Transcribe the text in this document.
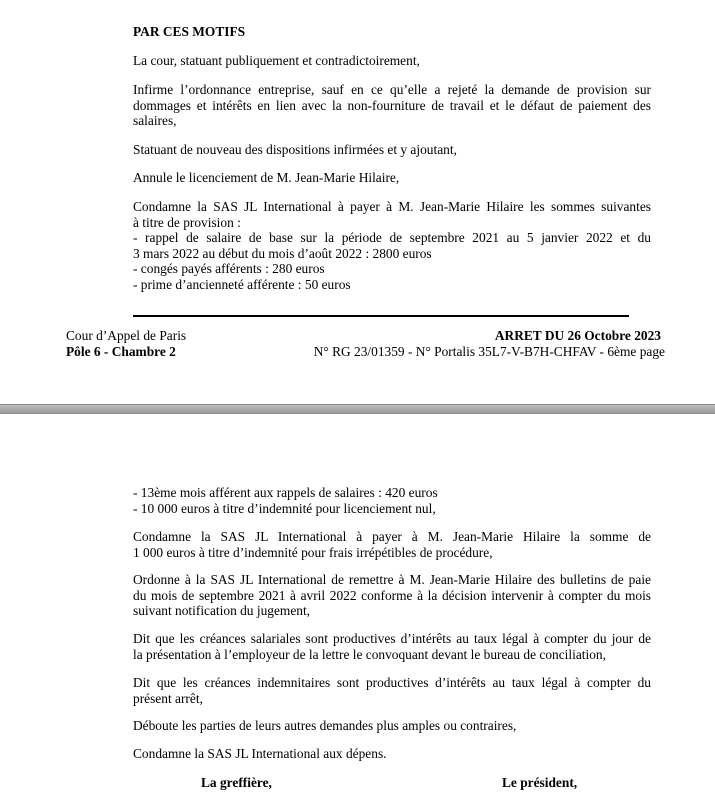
PAR CES MOTIFS
La cour, statuant publiquement et contradictoirement,
Infirme l’ordonnance entreprise, sauf en ce qu’elle a rejeté la demande de provision sur
dommages et intérêts en lien avec la non-fourniture de travail et le défaut de paiement des
salaires,
Statuant de nouveau des dispositions infirmées et y ajoutant,
Annule le licenciement de M. Jean-Marie Hilaire,
Condamne la SAS JL International à payer à M. Jean-Marie Hilaire les sommes suivantes
à titre de provision :
- rappel de salaire de base sur la période de septembre 2021 au 5 janvier 2022 et du
3 mars 2022 au début du mois d’août 2022 : 2800 euros
- congés payés afférents : 280 euros
- prime d’ancienneté afférente : 50 euros
Cour d’Appel de Paris
Pôle 6 - Chambre 2
ARRET DU 26 Octobre 2023
N° RG 23/01359 - N° Portalis 35L7-V-B7H-CHFAV - 6ème page
- 13ème mois afférent aux rappels de salaires : 420 euros
- 10 000 euros à titre d’indemnité pour licenciement nul,
Condamne la SAS JL International à payer à M. Jean-Marie Hilaire la somme de
1 000 euros à titre d’indemnité pour frais irrépétibles de procédure,
Ordonne à la SAS JL International de remettre à M. Jean-Marie Hilaire des bulletins de paie
du mois de septembre 2021 à avril 2022 conforme à la décision intervenir à compter du mois
suivant notification du jugement,
Dit que les créances salariales sont productives d’intérêts au taux légal à compter du jour de
la présentation à l’employeur de la lettre le convoquant devant le bureau de conciliation,
Dit que les créances indemnitaires sont productives d’intérêts au taux légal à compter du
présent arrêt,
Déboute les parties de leurs autres demandes plus amples ou contraires,
Condamne la SAS JL International aux dépens.
La greffière,	Le président,
